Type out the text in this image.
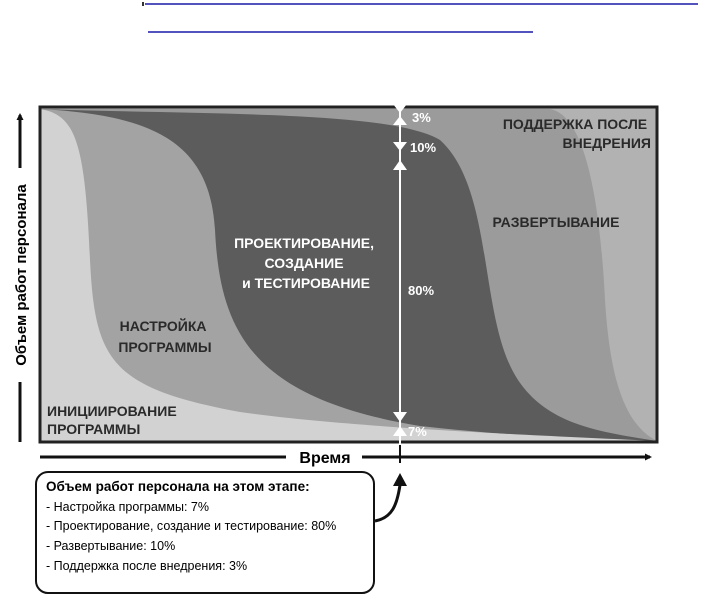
ИНИЦИИРОВАНИЕ ПРОГРАММЫ
НАСТРОЙКА ПРОГРАММЫ
ПРОЕКТИРОВАНИЕ, СОЗДАНИЕ и ТЕСТИРОВАНИЕ
РАЗВЕРТЫВАНИЕ
ПОДДЕРЖКА ПОСЛЕ ВНЕДРЕНИЯ
3%
10%
80%
7%
Объем работ персонала
Время
Объем работ персонала на этом этапе:
- Настройка программы: 7%
- Проектирование, создание и тестирование: 80%
- Развертывание: 10%
- Поддержка после внедрения: 3%
